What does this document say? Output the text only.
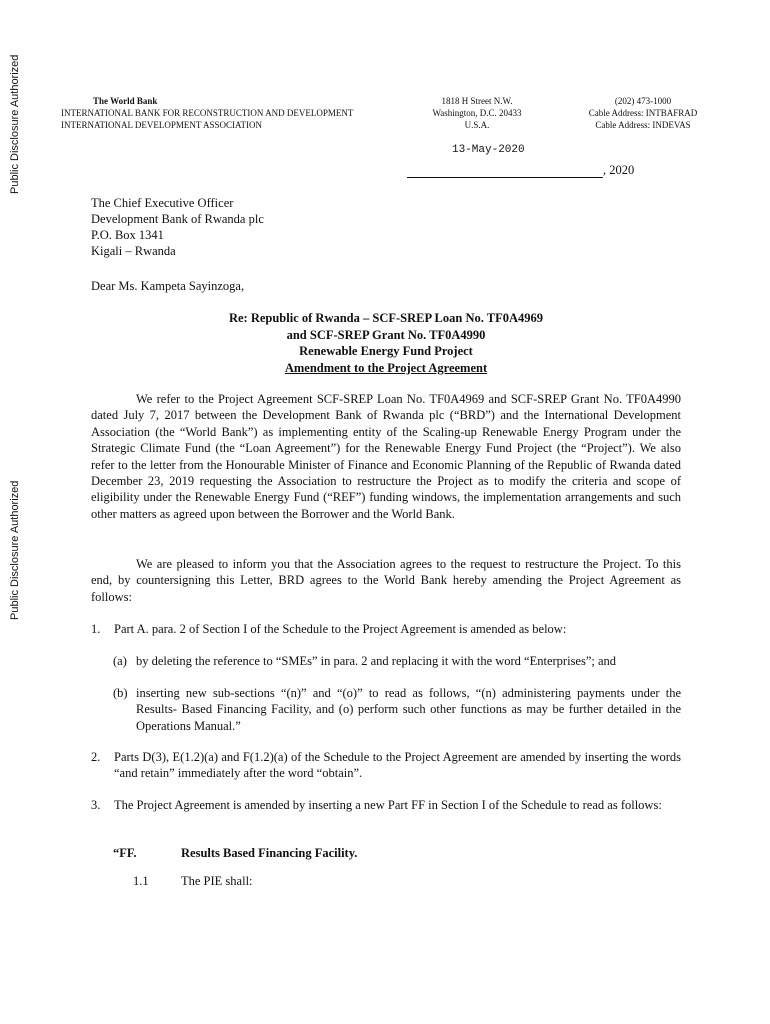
Public Disclosure Authorized
Public Disclosure Authorized
The World Bank
INTERNATIONAL BANK FOR RECONSTRUCTION AND DEVELOPMENT
INTERNATIONAL DEVELOPMENT ASSOCIATION
1818 H Street N.W.
Washington, D.C. 20433
U.S.A.
(202) 473-1000
Cable Address: INTBAFRAD
Cable Address: INDEVAS
13-May-2020
, 2020
The Chief Executive Officer
Development Bank of Rwanda plc
P.O. Box 1341
Kigali – Rwanda
Dear Ms. Kampeta Sayinzoga,
Re: Republic of Rwanda – SCF-SREP Loan No. TF0A4969
and SCF-SREP Grant No. TF0A4990
Renewable Energy Fund Project
Amendment to the Project Agreement

We refer to the Project Agreement SCF-SREP Loan No. TF0A4969 and SCF-SREP Grant No. TF0A4990 dated July 7, 2017 between the Development Bank of Rwanda plc (“BRD”) and the International Development Association (the “World Bank”) as implementing entity of the Scaling-up Renewable Energy Program under the Strategic Climate Fund (the “Loan Agreement”) for the Renewable Energy Fund Project (the “Project”). We also refer to the letter from the Honourable Minister of Finance and Economic Planning of the Republic of Rwanda dated December 23, 2019 requesting the Association to restructure the Project as to modify the criteria and scope of eligibility under the Renewable Energy Fund (“REF”) funding windows, the implementation arrangements and such other matters as agreed upon between the Borrower and the World Bank.

We are pleased to inform you that the Association agrees to the request to restructure the Project. To this end, by countersigning this Letter, BRD agrees to the World Bank hereby amending the Project Agreement as follows:

1. Part A. para. 2 of Section I of the Schedule to the Project Agreement is amended as below:

(a) by deleting the reference to “SMEs” in para. 2 and replacing it with the word “Enterprises”; and

(b) inserting new sub-sections “(n)” and “(o)” to read as follows, “(n) administering payments under the Results- Based Financing Facility, and (o) perform such other functions as may be further detailed in the Operations Manual.”

2. Parts D(3), E(1.2)(a) and F(1.2)(a) of the Schedule to the Project Agreement are amended by inserting the words “and retain” immediately after the word “obtain”.

3. The Project Agreement is amended by inserting a new Part FF in Section I of the Schedule to read as follows:

“FF.	Results Based Financing Facility.
1.1	The PIE shall:
